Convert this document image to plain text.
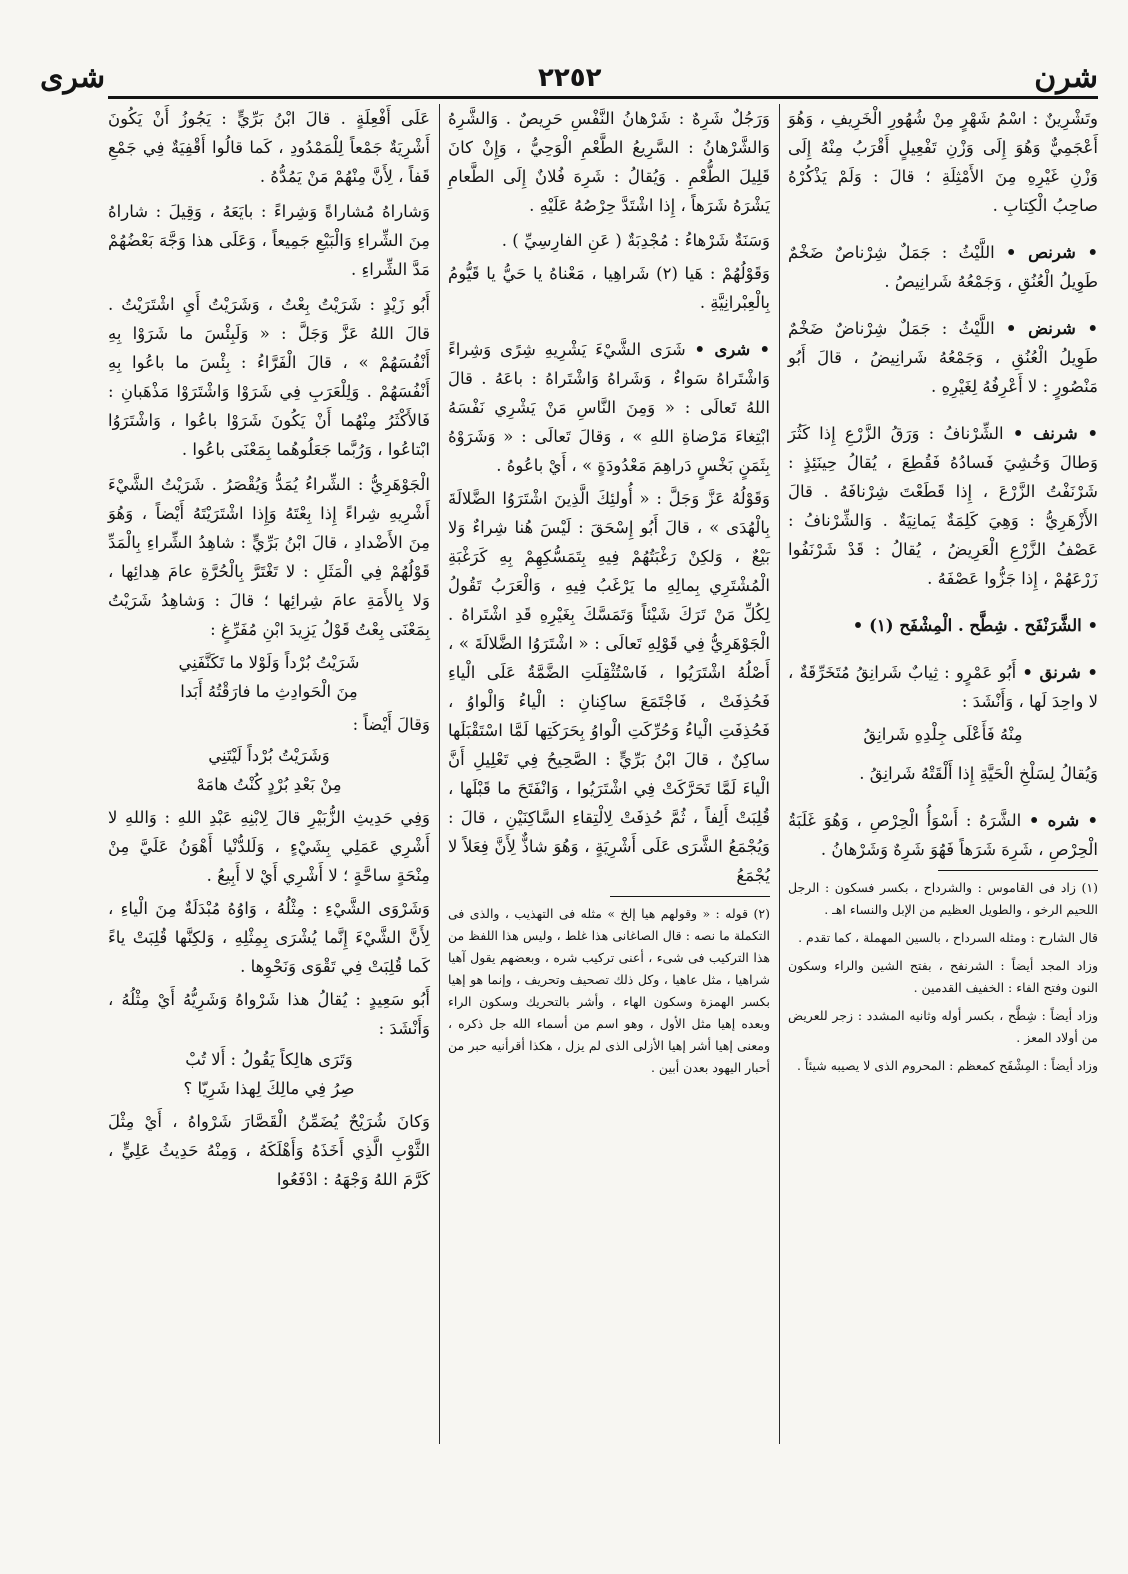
شرن
٢٢٥٢
شرى

وتَشْرِينٌ : اسْمُ شَهْرٍ مِنْ شُهُورِ الْخَرِيفِ ، وَهُوَ أَعْجَمِيٌّ وَهُوَ إِلَى وَزْنِ تَفْعِيلٍ أَقْرَبُ مِنْهُ إِلَى وَزْنِ غَيْرِهِ مِنَ الأَمْثِلَةِ ؛ قالَ : وَلَمْ يَذْكُرْهُ صاحِبُ الْكِتابِ .

• شرنص • اللَّيْثُ : جَمَلٌ شِرْناصٌ ضَخْمٌ طَوِيلُ الْعُنُقِ ، وَجَمْعُهُ شَرانِيصُ .

• شرنض • اللَّيْثُ : جَمَلٌ شِرْناضٌ ضَخْمٌ طَوِيلُ الْعُنُقِ ، وَجَمْعُهُ شَرانِيضُ ، قالَ أَبُو مَنْصُورٍ : لا أَعْرِفُهُ لِغَيْرِهِ .

• شرنف • الشِّرْنافُ : وَرَقُ الزَّرْعِ إِذا كَثُرَ وَطالَ وَخُشِيَ فَسادُهُ فَقُطِعَ ، يُقالُ حِينَئِذٍ : شَرْنَفْتُ الزَّرْعَ ، إِذا قَطَعْتَ شِرْنافَهُ . قالَ الأَزْهَرِيُّ : وَهِيَ كَلِمَةٌ يَمانِيَةٌ . وَالشِّرْنافُ : عَصْفُ الزَّرْعِ الْعَرِيضُ ، يُقالُ : قَدْ شَرْنَفُوا زَرْعَهُمْ ، إِذا جَزُّوا عَصْفَهُ .

• الشَّرَنْفَح . شِطَّح . الْمِشْفَح (١) •

• شرنق • أَبُو عَمْرٍو : ثِيابٌ شَرانِقُ مُتَخَرِّقَةٌ ، لا واحِدَ لَها ، وَأَنْشَدَ :

مِنْهُ فَأَعْلَى جِلْدِهِ شَرانِقُ

وَيُقالُ لِسَلْخِ الْحَيَّةِ إِذا أَلْقَتْهُ شَرانِقُ .

• شره • الشَّرَهُ : أَسْوَأُ الْحِرْصِ ، وَهُوَ غَلَبَةُ الْحِرْصِ ، شَرِهَ شَرَهاً فَهُوَ شَرِهٌ وَشَرْهانُ .

(١) زاد فى القاموس : والشرداح ، بكسر فسكون : الرجل اللحيم الرخو ، والطويل العظيم من الإبل والنساء اهـ .

قال الشارح : ومثله السرداح ، بالسين المهملة ، كما تقدم .

وزاد المجد أيضاً : الشرنفح ، بفتح الشين والراء وسكون النون وفتح الفاء : الخفيف القدمين .

وزاد أيضاً : شِطَّح ، بكسر أوله وثانيه المشدد : زجر للعريض من أولاد المعز .

وزاد أيضاً : المِشْفَح كمعظم : المحروم الذى لا يصيبه شيئاً .

وَرَجُلٌ شَرِهٌ : شَرْهانُ النَّفْسِ حَرِيصٌ . وَالشَّرِهُ وَالشَّرْهانُ : السَّرِيعُ الطَّعْمِ الْوَحِيُّ ، وَإِنْ كانَ قَلِيلَ الطُّعْمِ . وَيُقالُ : شَرِهَ فُلانٌ إِلَى الطَّعامِ يَشْرَهُ شَرَهاً ، إِذا اشْتَدَّ حِرْصُهُ عَلَيْهِ .

وَسَنَةٌ شَرْهاءُ : مُجْدِبَةٌ ( عَنِ الفارِسِيِّ ) .

وَقَوْلُهُمْ : هَيا (٢) شَراهِيا ، مَعْناهُ يا حَيُّ يا قَيُّومُ بِالْعِبْرانِيَّةِ .

• شرى • شَرَى الشَّيْءَ يَشْرِيهِ شِرًى وَشِراءً وَاشْتَراهُ سَواءٌ ، وَشَراهُ وَاشْتَراهُ : باعَهُ . قالَ اللهُ تَعالَى : « وَمِنَ النَّاسِ مَنْ يَشْرِي نَفْسَهُ ابْتِغاءَ مَرْضاةِ اللهِ » ، وَقالَ تَعالَى : « وَشَرَوْهُ بِثَمَنٍ بَخْسٍ دَراهِمَ مَعْدُودَةٍ » ، أَيْ باعُوهُ .

وَقَوْلُهُ عَزَّ وَجَلَّ : « أُولئِكَ الَّذِينَ اشْتَرَوُا الضَّلالَةَ بِالْهُدَى » ، قالَ أَبُو إِسْحَقَ : لَيْسَ هُنا شِراءٌ وَلا بَيْعٌ ، وَلكِنْ رَغْبَتُهُمْ فِيهِ بِتَمَسُّكِهِمْ بِهِ كَرَغْبَةِ الْمُشْتَرِي بِمالِهِ ما يَرْغَبُ فِيهِ ، وَالْعَرَبُ تَقُولُ لِكُلِّ مَنْ تَرَكَ شَيْئاً وَتَمَسَّكَ بِغَيْرِهِ قَدِ اشْتَراهُ . الْجَوْهَرِيُّ فِي قَوْلِهِ تَعالَى : « اشْتَرَوُا الضَّلالَةَ » ، أَصْلُهُ اشْتَرَيُوا ، فَاسْتُثْقِلَتِ الضَّمَّةُ عَلَى الْياءِ فَحُذِفَتْ ، فَاجْتَمَعَ ساكِنانِ : الْياءُ وَالْواوُ ، فَحُذِفَتِ الْياءُ وَحُرِّكَتِ الْواوُ بِحَرَكَتِها لَمَّا اسْتَقْبَلَها ساكِنٌ ، قالَ ابْنُ بَرِّيٍّ : الصَّحِيحُ فِي تَعْلِيلِ أَنَّ الْياءَ لَمَّا تَحَرَّكَتْ فِي اشْتَرَيُوا ، وَانْفَتَحَ ما قَبْلَها ، قُلِبَتْ أَلِفاً ، ثُمَّ حُذِفَتْ لِالْتِقاءِ السَّاكِنَيْنِ ، قالَ : وَيُجْمَعُ الشَّرَى عَلَى أَشْرِيَةٍ ، وَهُوَ شاذٌّ لِأَنَّ فِعَلاً لا يُجْمَعُ

(٢) قوله : « وقولهم هيا إلخ » مثله فى التهذيب ، والذى فى التكملة ما نصه : قال الصاغانى هذا غلط ، وليس هذا اللفظ من هذا التركيب فى شىء ، أعنى تركيب شره ، وبعضهم يقول آهيا شراهيا ، مثل عاهيا ، وكل ذلك تصحيف وتحريف ، وإنما هو إهيا بكسر الهمزة وسكون الهاء ، وأشر بالتحريك وسكون الراء وبعده إهيا مثل الأول ، وهو اسم من أسماء الله جل ذكره ، ومعنى إهيا أشر إهيا الأزلى الذى لم يزل ، هكذا أقرأنيه حبر من أحبار اليهود بعدن أبين .

عَلَى أَفْعِلَةٍ . قالَ ابْنُ بَرِّيٍّ : يَجُوزُ أَنْ يَكُونَ أَشْرِيَةٌ جَمْعاً لِلْمَمْدُودِ ، كَما قالُوا أَقْفِيَةٌ فِي جَمْعِ قَفاً ، لِأَنَّ مِنْهُمْ مَنْ يَمُدُّهُ .

وَشاراهُ مُشاراةً وَشِراءً : بايَعَهُ ، وَقِيلَ : شاراهُ مِنَ الشِّراءِ وَالْبَيْعِ جَمِيعاً ، وَعَلَى هذا وَجَّهَ بَعْضُهُمْ مَدَّ الشِّراءِ .

أَبُو زَيْدٍ : شَرَيْتُ بِعْتُ ، وَشَرَيْتُ أَيِ اشْتَرَيْتُ . قالَ اللهُ عَزَّ وَجَلَّ : « وَلَبِئْسَ ما شَرَوْا بِهِ أَنْفُسَهُمْ » ، قالَ الْفَرَّاءُ : بِئْسَ ما باعُوا بِهِ أَنْفُسَهُمْ . وَلِلْعَرَبِ فِي شَرَوْا وَاشْتَرَوْا مَذْهَبانِ : فَالأَكْثَرُ مِنْهُما أَنْ يَكُونَ شَرَوْا باعُوا ، وَاشْتَرَوُا ابْتاعُوا ، وَرُبَّما جَعَلُوهُما بِمَعْنَى باعُوا .

الْجَوْهَرِيُّ : الشِّراءُ يُمَدُّ وَيُقْصَرُ . شَرَيْتُ الشَّيْءَ أَشْرِيهِ شِراءً إِذا بِعْتَهُ وَإِذا اشْتَرَيْتَهُ أَيْضاً ، وَهُوَ مِنَ الأَضْدادِ ، قالَ ابْنُ بَرِّيٍّ : شاهِدُ الشِّراءِ بِالْمَدِّ قَوْلُهُمْ فِي الْمَثَلِ : لا تَغْتَرَّ بِالْحُرَّةِ عامَ هِدائِها ، وَلا بِالأَمَةِ عامَ شِرائِها ؛ قالَ : وَشاهِدُ شَرَيْتُ بِمَعْنَى بِعْتُ قَوْلُ يَزِيدَ ابْنِ مُفَرِّغٍ :

شَرَيْتُ بُرْداً وَلَوْلا ما تَكَنَّفَنِي

مِنَ الْحَوادِثِ ما فارَقْتُهُ أَبَدا

وَقالَ أَيْضاً :

وَشَرَيْتُ بُرْداً لَيْتَنِي

مِنْ بَعْدِ بُرْدٍ كُنْتُ هامَهْ

وَفِي حَدِيثِ الزُّبَيْرِ قالَ لِابْنِهِ عَبْدِ اللهِ : وَاللهِ لا أَشْرِي عَمَلِي بِشَيْءٍ ، وَلَلدُّنْيا أَهْوَنُ عَلَيَّ مِنْ مِنْحَةٍ ساحَّةٍ ؛ لا أَشْرِي أَيْ لا أَبِيعُ .

وَشَرْوَى الشَّيْءِ : مِثْلُهُ ، وَاوُهُ مُبْدَلَةٌ مِنَ الْياءِ ، لِأَنَّ الشَّيْءَ إِنَّما يُشْرَى بِمِثْلِهِ ، وَلكِنَّها قُلِبَتْ ياءً كَما قُلِبَتْ فِي تَقْوَى وَنَحْوِها .

أَبُو سَعِيدٍ : يُقالُ هذا شَرْواهُ وَشَرِيُّهُ أَيْ مِثْلُهُ ، وَأَنْشَدَ :

وَتَرَى هالِكاً يَقُولُ : أَلا تُبْ

صِرُ فِي مالِكَ لِهذا شَرِيّا ؟

وَكانَ شُرَيْحٌ يُضَمِّنُ الْقَصَّارَ شَرْواهُ ، أَيْ مِثْلَ الثَّوْبِ الَّذِي أَخَذَهُ وَأَهْلَكَهُ ، وَمِنْهُ حَدِيثُ عَلِيٍّ ، كَرَّمَ اللهُ وَجْهَهُ : ادْفَعُوا
